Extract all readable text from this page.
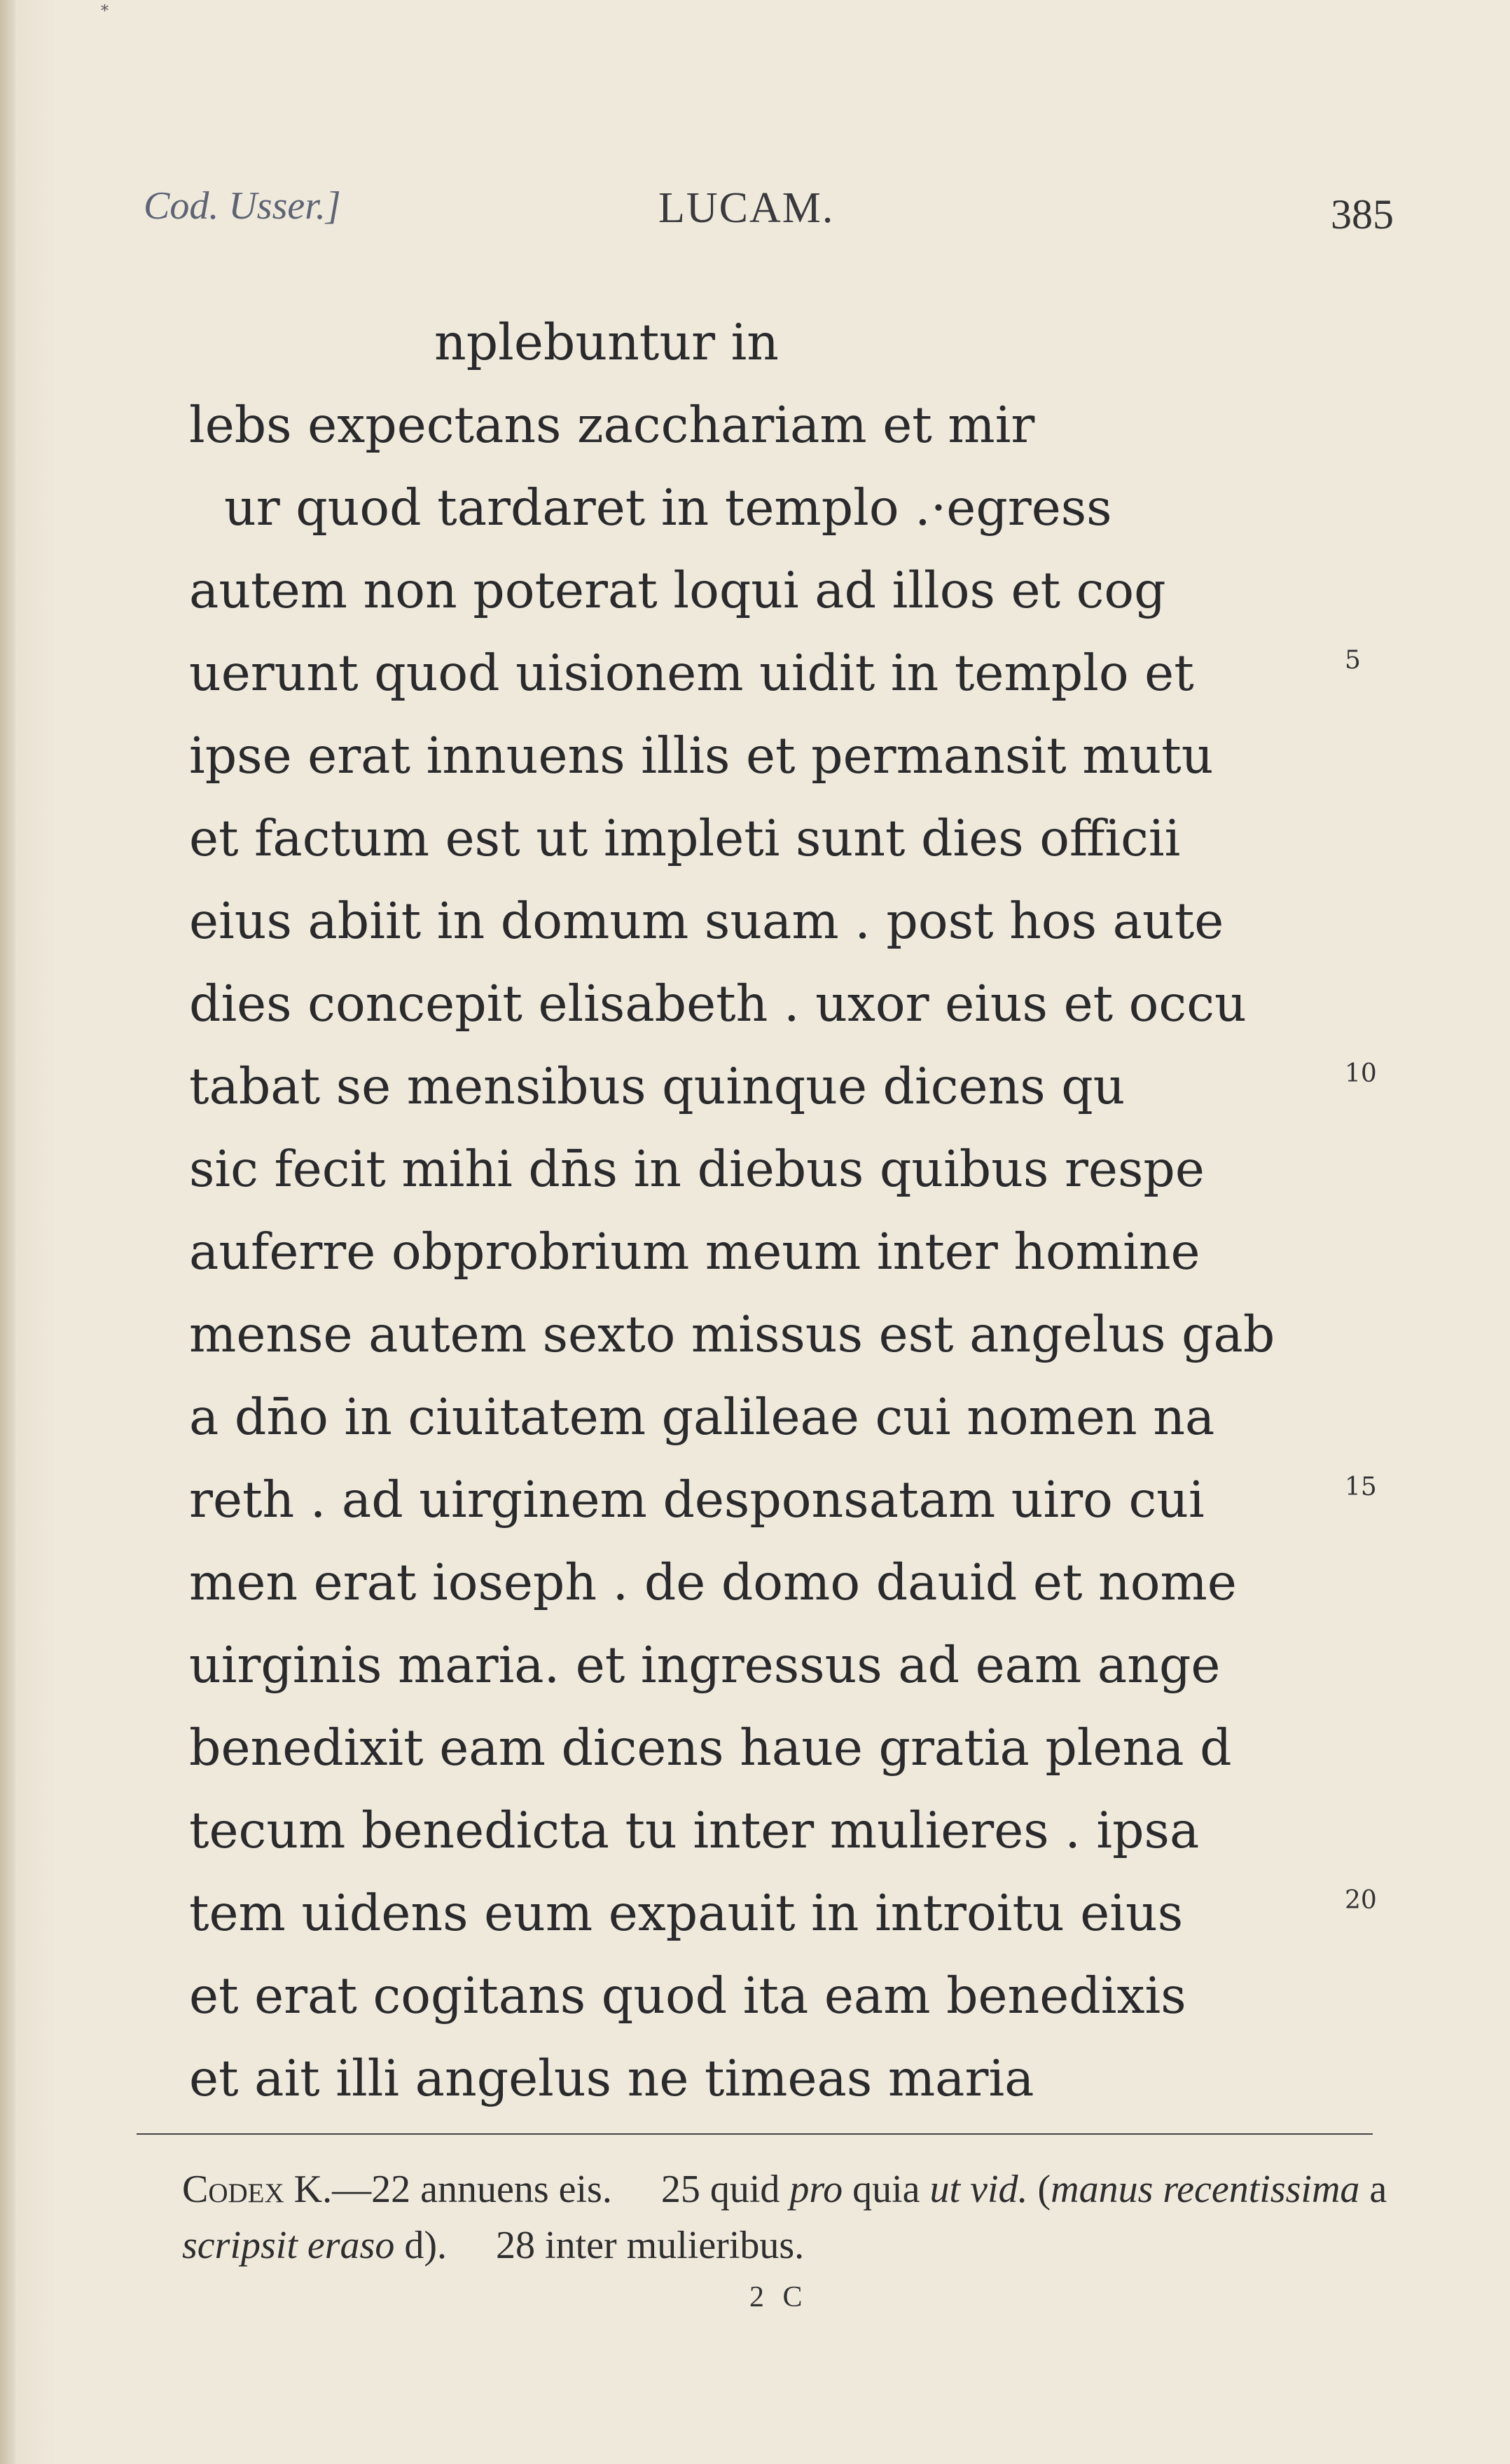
*
Cod. Usser.]	LUCAM.	385
nplebuntur in
lebs expectans zacchariam et mir
ur quod tardaret in templo .·egress
autem non poterat loqui ad illos et cog
uerunt quod uisionem uidit in templo et	5
ipse erat innuens illis et permansit mutu
et factum est ut impleti sunt dies officii
eius abiit in domum suam . post hos aute
dies concepit elisabeth . uxor eius et occu
tabat se mensibus quinque dicens qu	10
sic fecit mihi dn̄s in diebus quibus respe
auferre obprobrium meum inter homine
mense autem sexto missus est angelus gab
a dn̄o in ciuitatem galileae cui nomen na
reth . ad uirginem desponsatam uiro cui	15
men erat ioseph . de domo dauid et nome
uirginis maria. et ingressus ad eam ange
benedixit eam dicens haue gratia plena d
tecum benedicta tu inter mulieres . ipsa
tem uidens eum expauit in introitu eius	20
et erat cogitans quod ita eam benedixis
et ait illi angelus ne timeas maria
Codex K.—22 annuens eis.   25 quid pro quia ut vid. (manus recentissima a scripsit eraso d).   28 inter mulieribus.
2 C
